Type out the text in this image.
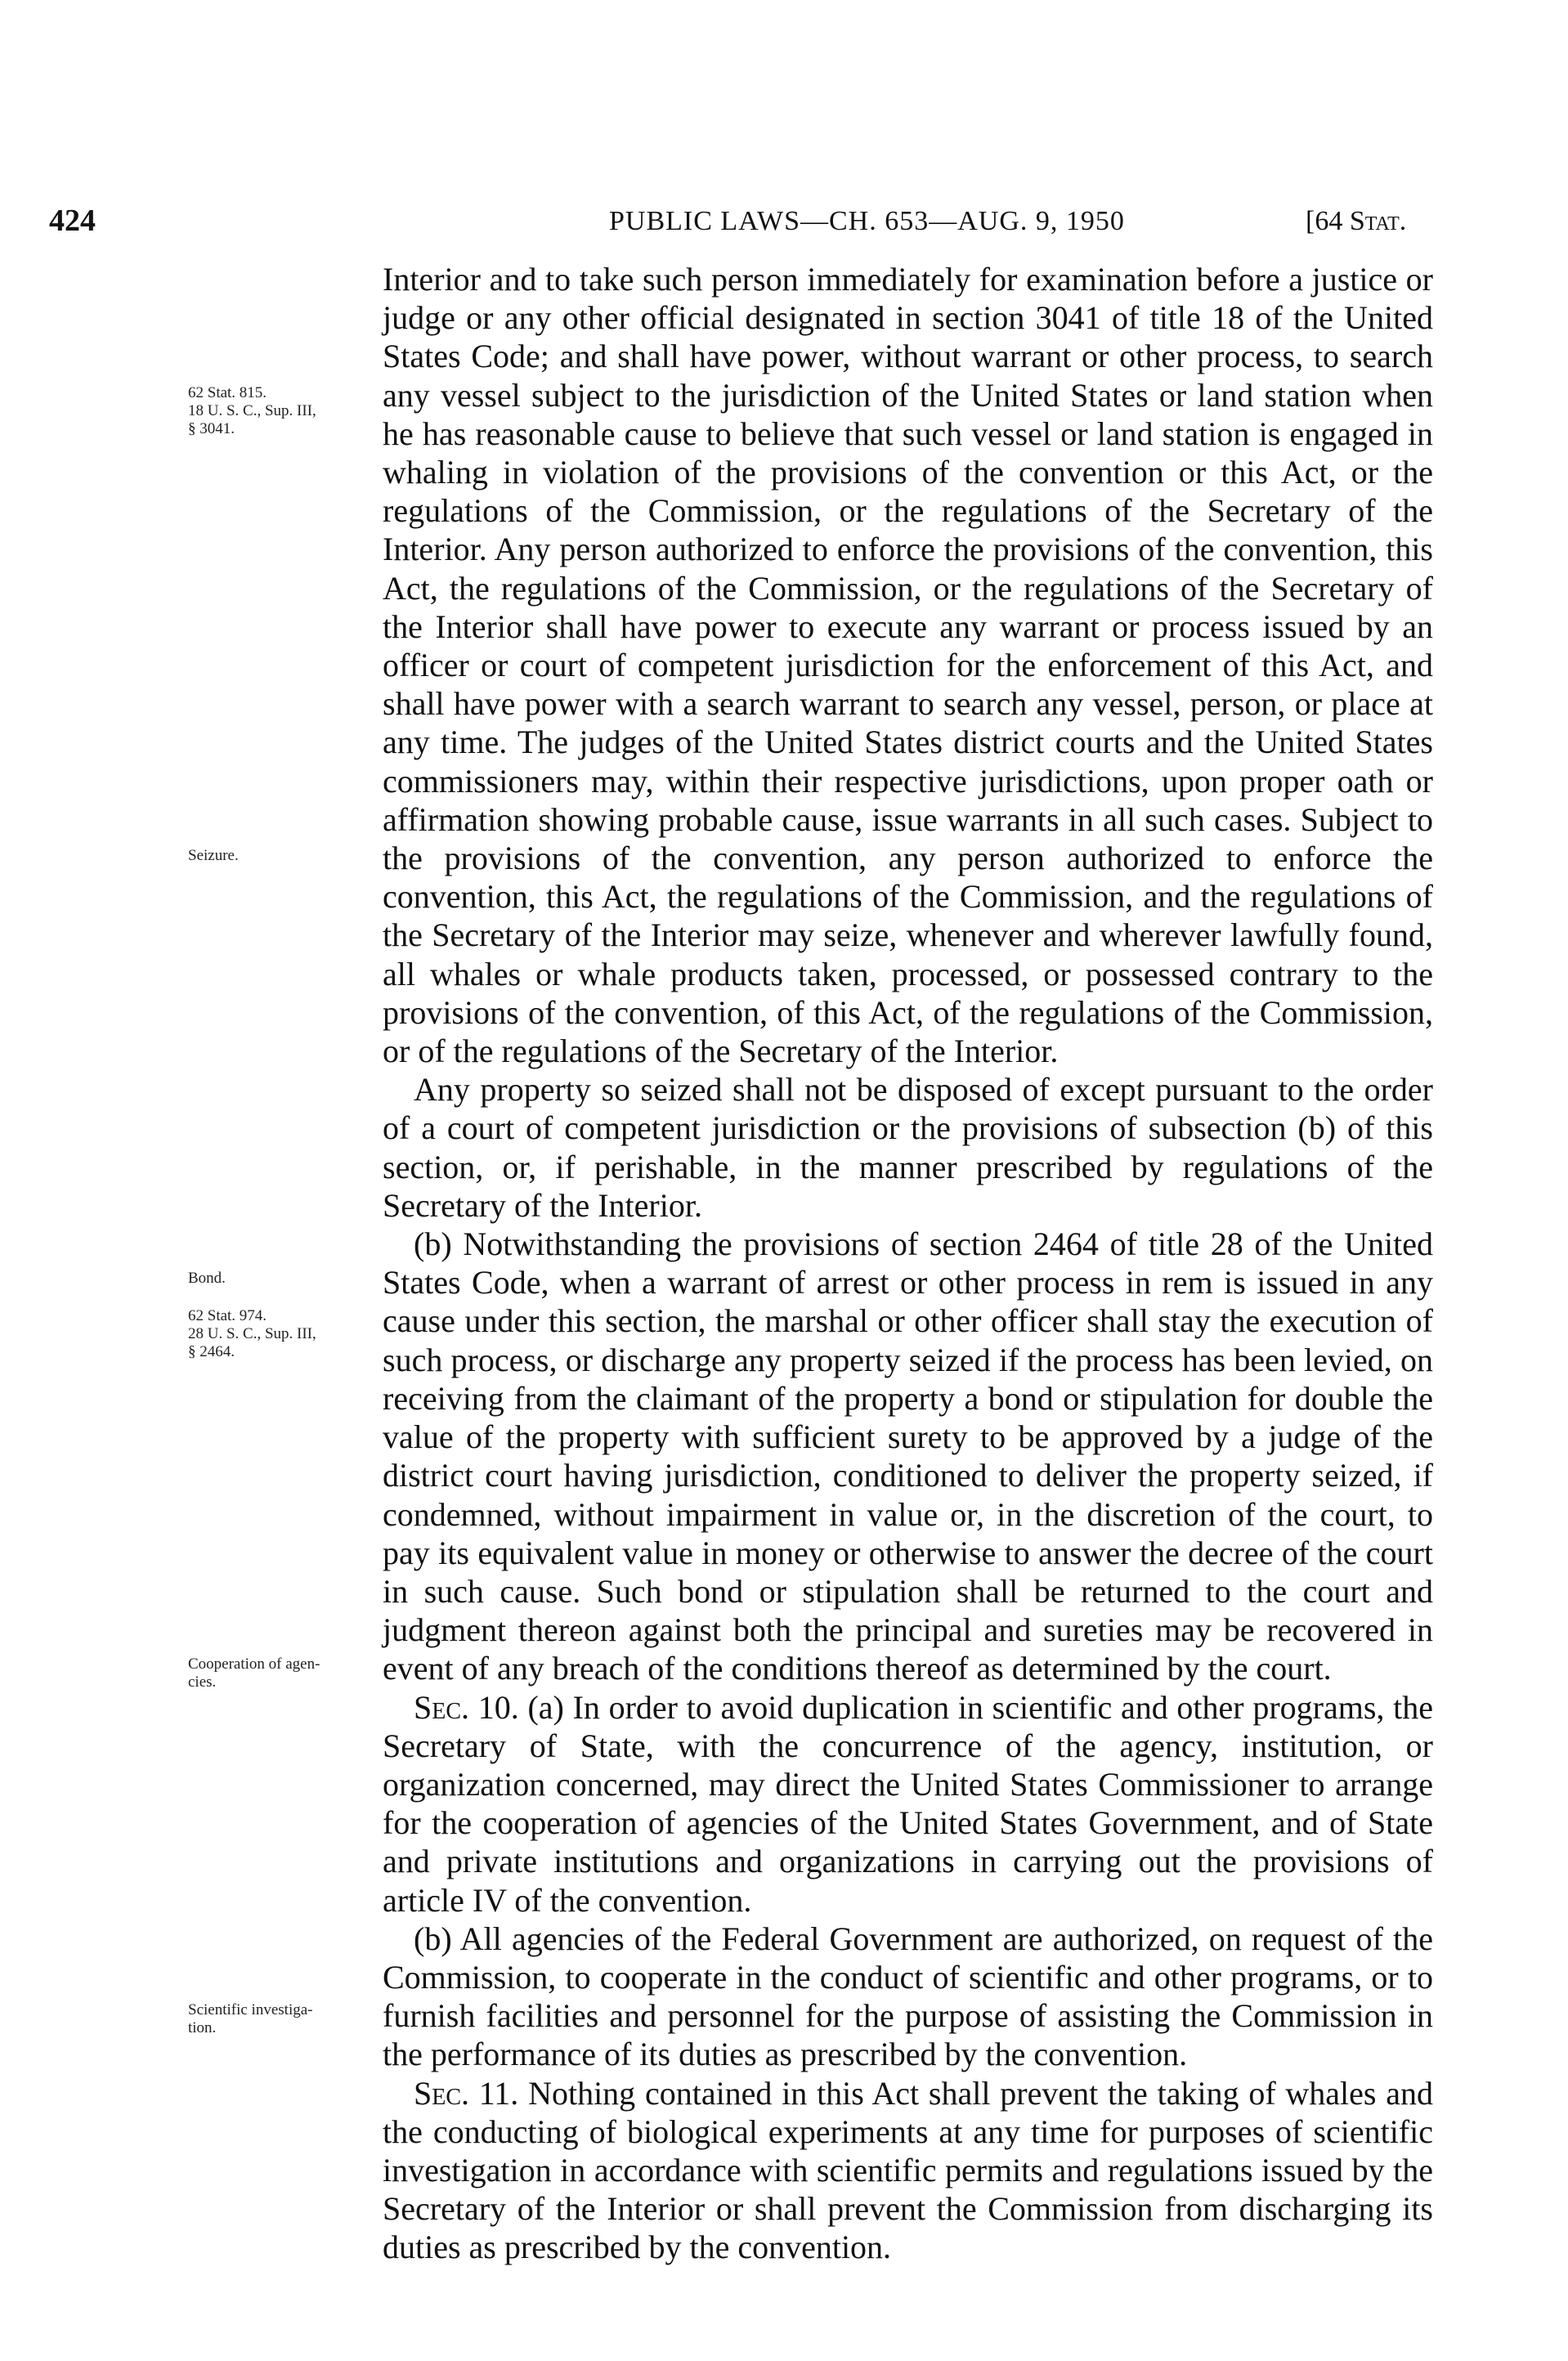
424	PUBLIC LAWS—CH. 653—AUG. 9, 1950	[64 Stat.
62 Stat. 815.
18 U. S. C., Sup. III,
§ 3041.
Seizure.
Bond.
62 Stat. 974.
28 U. S. C., Sup. III,
§ 2464.
Cooperation of agen-
cies.
Scientific investiga-
tion.

Interior and to take such person immediately for examination before a justice or judge or any other official designated in section 3041 of title 18 of the United States Code; and shall have power, without warrant or other process, to search any vessel subject to the jurisdiction of the United States or land station when he has reasonable cause to believe that such vessel or land station is engaged in whaling in violation of the provisions of the convention or this Act, or the regulations of the Commission, or the regulations of the Secretary of the Interior. Any person authorized to enforce the provisions of the convention, this Act, the regulations of the Commission, or the regulations of the Secretary of the Interior shall have power to execute any warrant or process issued by an officer or court of competent jurisdiction for the enforcement of this Act, and shall have power with a search warrant to search any vessel, person, or place at any time. The judges of the United States district courts and the United States commissioners may, within their respective jurisdictions, upon proper oath or affirmation showing probable cause, issue warrants in all such cases. Subject to the provisions of the convention, any person authorized to enforce the convention, this Act, the regulations of the Commission, and the regulations of the Secretary of the Interior may seize, whenever and wherever lawfully found, all whales or whale products taken, processed, or possessed contrary to the provisions of the convention, of this Act, of the regulations of the Commission, or of the regulations of the Secretary of the Interior.

Any property so seized shall not be disposed of except pursuant to the order of a court of competent jurisdiction or the provisions of subsection (b) of this section, or, if perishable, in the manner prescribed by regulations of the Secretary of the Interior.

(b) Notwithstanding the provisions of section 2464 of title 28 of the United States Code, when a warrant of arrest or other process in rem is issued in any cause under this section, the marshal or other officer shall stay the execution of such process, or discharge any property seized if the process has been levied, on receiving from the claimant of the property a bond or stipulation for double the value of the property with sufficient surety to be approved by a judge of the district court having jurisdiction, conditioned to deliver the property seized, if condemned, without impairment in value or, in the discretion of the court, to pay its equivalent value in money or otherwise to answer the decree of the court in such cause. Such bond or stipulation shall be returned to the court and judgment thereon against both the principal and sureties may be recovered in event of any breach of the conditions thereof as determined by the court.

Sec. 10. (a) In order to avoid duplication in scientific and other programs, the Secretary of State, with the concurrence of the agency, institution, or organization concerned, may direct the United States Commissioner to arrange for the cooperation of agencies of the United States Government, and of State and private institutions and organizations in carrying out the provisions of article IV of the convention.

(b) All agencies of the Federal Government are authorized, on request of the Commission, to cooperate in the conduct of scientific and other programs, or to furnish facilities and personnel for the purpose of assisting the Commission in the performance of its duties as prescribed by the convention.

Sec. 11. Nothing contained in this Act shall prevent the taking of whales and the conducting of biological experiments at any time for purposes of scientific investigation in accordance with scientific permits and regulations issued by the Secretary of the Interior or shall prevent the Commission from discharging its duties as prescribed by the convention.
